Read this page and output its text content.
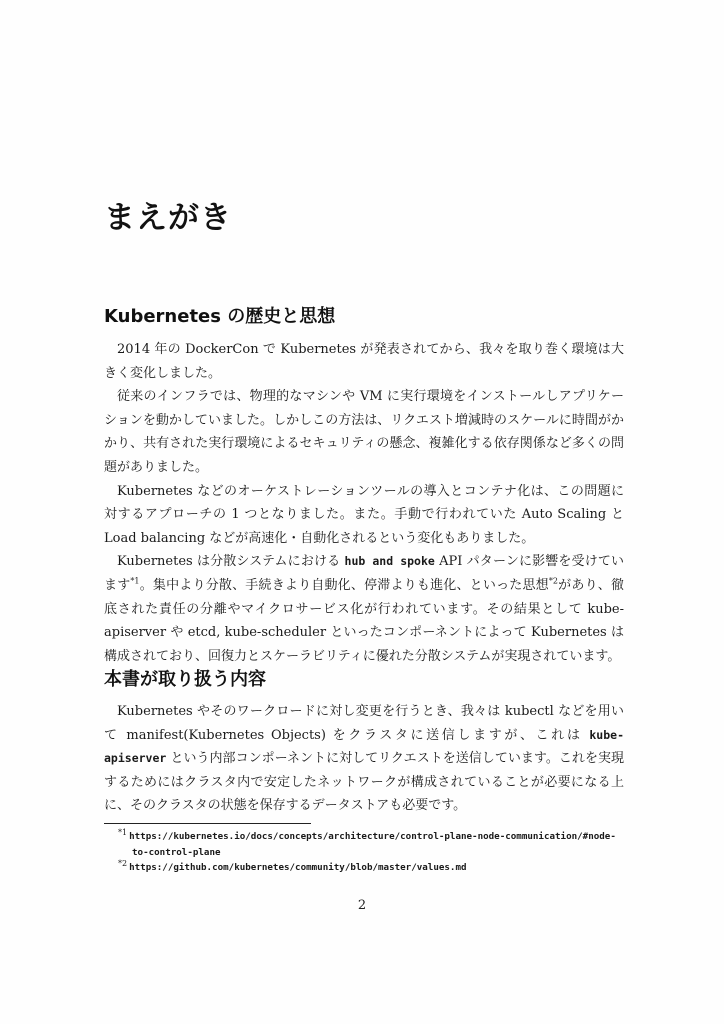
まえがき
Kubernetes の歴史と思想

2014 年の DockerCon で Kubernetes が発表されてから、我々を取り巻く環境は大きく変化しました。

従来のインフラでは、物理的なマシンや VM に実行環境をインストールしアプリケーションを動かしていました。しかしこの方法は、リクエスト増減時のスケールに時間がかかり、共有された実行環境によるセキュリティの懸念、複雑化する依存関係など多くの問題がありました。

Kubernetes などのオーケストレーションツールの導入とコンテナ化は、この問題に対するアプローチの 1 つとなりました。また。手動で行われていた Auto Scaling と Load balancing などが高速化・自動化されるという変化もありました。

Kubernetes は分散システムにおける hub and spoke API パターンに影響を受けています$^{*1}$。集中より分散、手続きより自動化、停滞よりも進化、といった思想$^{*2}$があり、徹底された責任の分離やマイクロサービス化が行われています。その結果として kube-apiserver や etcd, kube-scheduler といったコンポーネントによって Kubernetes は構成されており、回復力とスケーラビリティに優れた分散システムが実現されています。

本書が取り扱う内容

Kubernetes やそのワークロードに対し変更を行うとき、我々は kubectl などを用いて manifest(Kubernetes Objects) をクラスタに送信しますが、これは kube-apiserver という内部コンポーネントに対してリクエストを送信しています。これを実現するためにはクラスタ内で安定したネットワークが構成されていることが必要になる上に、そのクラスタの状態を保存するデータストアも必要です。

*1 https://kubernetes.io/docs/concepts/architecture/control-plane-node-communication/#node-to-control-plane

*2 https://github.com/kubernetes/community/blob/master/values.md

2
